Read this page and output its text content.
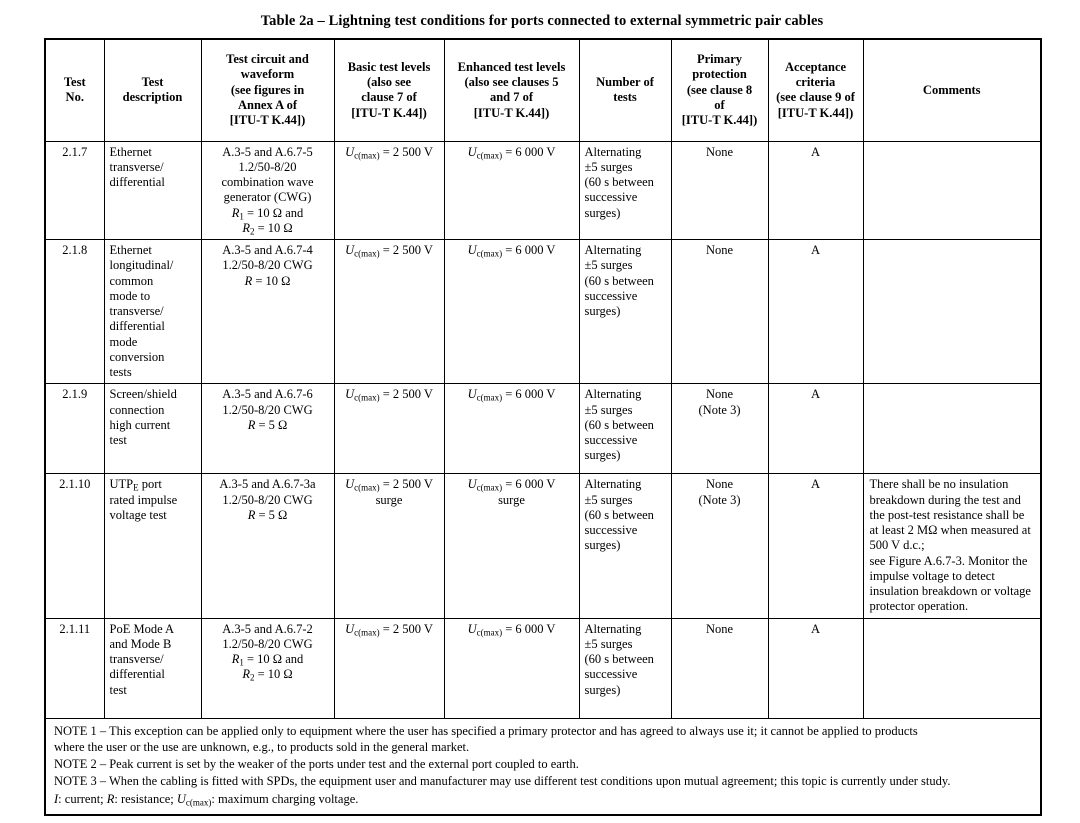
Table 2a – Lightning test conditions for ports connected to external symmetric pair cables
Test
No.	Test
description	Test circuit and
waveform
(see figures in
Annex A of
[ITU-T K.44])	Basic test levels
(also see
clause 7 of
[ITU-T K.44])	Enhanced test levels
(also see clauses 5
and 7 of
[ITU-T K.44])	Number of
tests	Primary
protection
(see clause 8
of
[ITU-T K.44])	Acceptance
criteria
(see clause 9 of
[ITU-T K.44])	Comments
2.1.7	Ethernet
transverse/
differential	A.3-5 and A.6.7-5
1.2/50-8/20
combination wave
generator (CWG)
$R_1 = 10$ Ω and
$R_2 = 10$ Ω	$U_{c(max)} = 2$ 500 V	$U_{c(max)} = 6$ 000 V	Alternating
±5 surges
(60 s between
successive
surges)	None	A	
2.1.8	Ethernet
longitudinal/
common
mode to
transverse/
differential
mode
conversion
tests	A.3-5 and A.6.7-4
1.2/50-8/20 CWG
R = 10 Ω	$U_{c(max)} = 2$ 500 V	$U_{c(max)} = 6$ 000 V	Alternating
±5 surges
(60 s between
successive
surges)	None	A	
2.1.9	Screen/shield
connection
high current
test	A.3-5 and A.6.7-6
1.2/50-8/20 CWG
R = 5 Ω	$U_{c(max)} = 2$ 500 V	$U_{c(max)} = 6$ 000 V	Alternating
±5 surges
(60 s between
successive
surges)	None
(Note 3)	A	
2.1.10	$UTP_E$ port
rated impulse
voltage test	A.3-5 and A.6.7-3a
1.2/50-8/20 CWG
R = 5 Ω	$U_{c(max)} = 2$ 500 V
surge	$U_{c(max)} = 6$ 000 V
surge	Alternating
±5 surges
(60 s between
successive
surges)	None
(Note 3)	A	There shall be no insulation breakdown during the test and the post-test resistance shall be at least 2 MΩ when measured at 500 V d.c.;
see Figure A.6.7-3. Monitor the impulse voltage to detect insulation breakdown or voltage protector operation.
2.1.11	PoE Mode A
and Mode B
transverse/
differential
test	A.3-5 and A.6.7-2
1.2/50-8/20 CWG
$R_1 = 10$ Ω and
$R_2 = 10$ Ω	$U_{c(max)} = 2$ 500 V	$U_{c(max)} = 6$ 000 V	Alternating
±5 surges
(60 s between
successive
surges)	None	A	

NOTE 1 – This exception can be applied only to equipment where the user has specified a primary protector and has agreed to always use it; it cannot be applied to products
where the user or the use are unknown, e.g., to products sold in the general market.
NOTE 2 – Peak current is set by the weaker of the ports under test and the external port coupled to earth.
NOTE 3 – When the cabling is fitted with SPDs, the equipment user and manufacturer may use different test conditions upon mutual agreement; this topic is currently under study.
I: current; R: resistance; $U_{c(max)}$: maximum charging voltage.								
